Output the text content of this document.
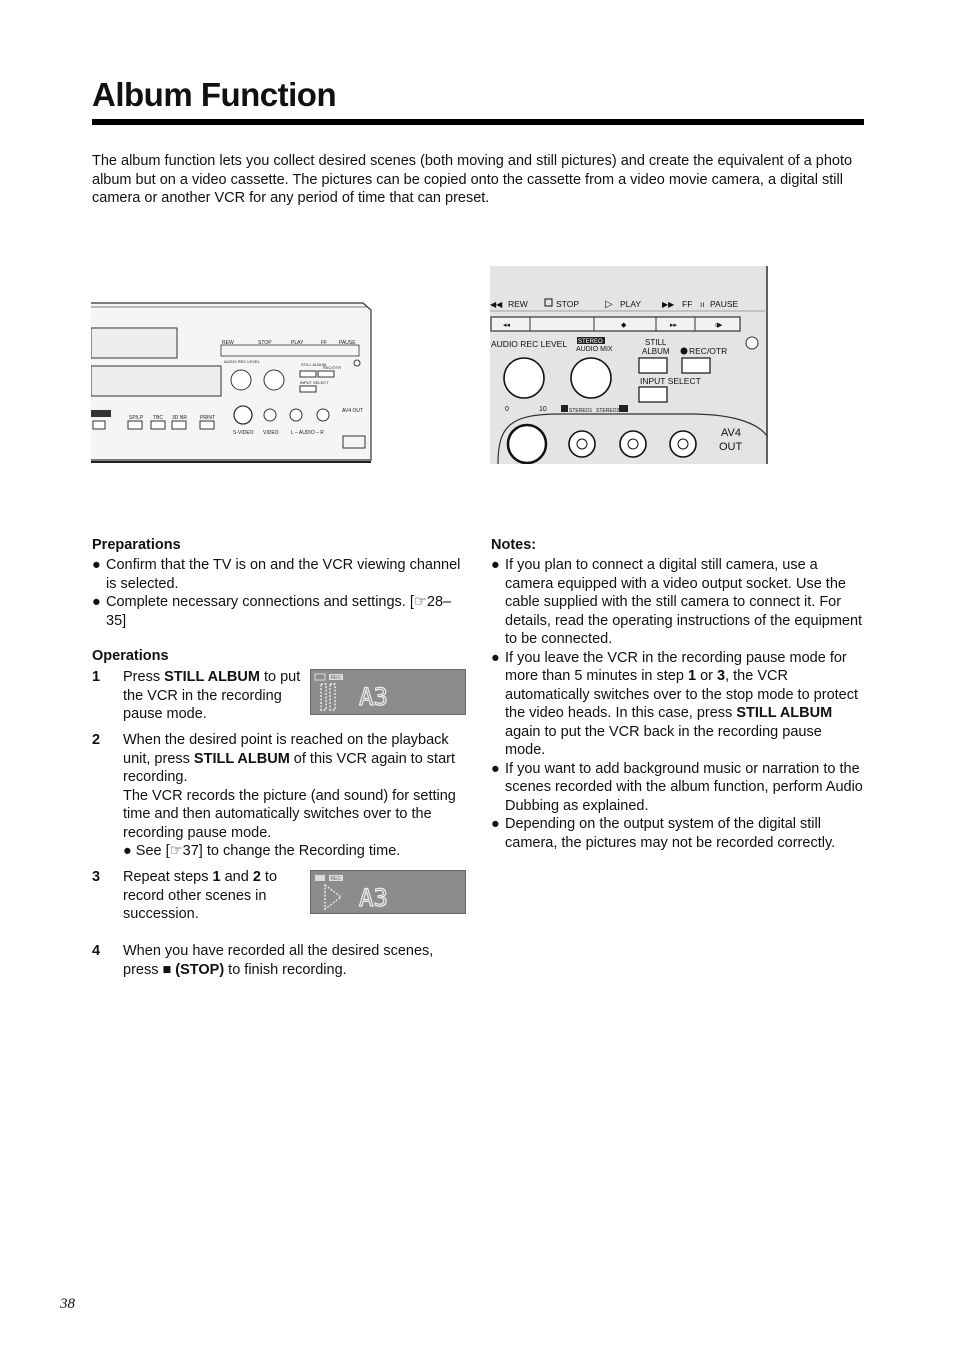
Album Function
The album function lets you collect desired scenes (both moving and still pictures) and create the equivalent of a photo album but on a video cassette. The pictures can be copied onto the cassette from a video movie camera, a digital still camera or another VCR for any period of time that can preset.
REW	STOP	PLAY	FF PAUSE
AUDIO REC LEVEL
STILL ALBUM
REC/OTR
INPUT SELECT
SP/LP TBC 3D NR	PRINT
S-VIDEO VIDEO L – AUDIO – R
AV4 OUT
REW
◀◀	STOP	▷ PLAY	▶▶ FF ıı PAUSE
◂◂	◆	▸▸	ı▶
AUDIO REC LEVEL STEREO
AUDIO MIX
STILL
ALBUM REC/OTR
INPUT SELECT
0	10	STEREO1 STEREO2
AV4
OUT
Preparations
● Confirm that the TV is on and the VCR viewing channel is selected.
● Complete necessary connections and settings. [☞28–35]
Operations
1	Press STILL ALBUM to put the VCR in the recording pause mode.
REC
A3
2	When the desired point is reached on the playback unit, press STILL ALBUM of this VCR again to start recording.
The VCR records the picture (and sound) for setting time and then automatically switches over to the recording pause mode.
● See [☞37] to change the Recording time.
3	Repeat steps 1 and 2 to record other scenes in succession.
REC
A3
4	When you have recorded all the desired scenes, press ■ (STOP) to finish recording.
Notes:
● If you plan to connect a digital still camera, use a camera equipped with a video output socket. Use the cable supplied with the still camera to connect it. For details, read the operating instructions of the equipment to be connected.
● If you leave the VCR in the recording pause mode for more than 5 minutes in step 1 or 3, the VCR automatically switches over to the stop mode to protect the video heads. In this case, press STILL ALBUM again to put the VCR back in the recording pause mode.
● If you want to add background music or narration to the scenes recorded with the album function, perform Audio Dubbing as explained.
● Depending on the output system of the digital still camera, the pictures may not be recorded correctly.
38
